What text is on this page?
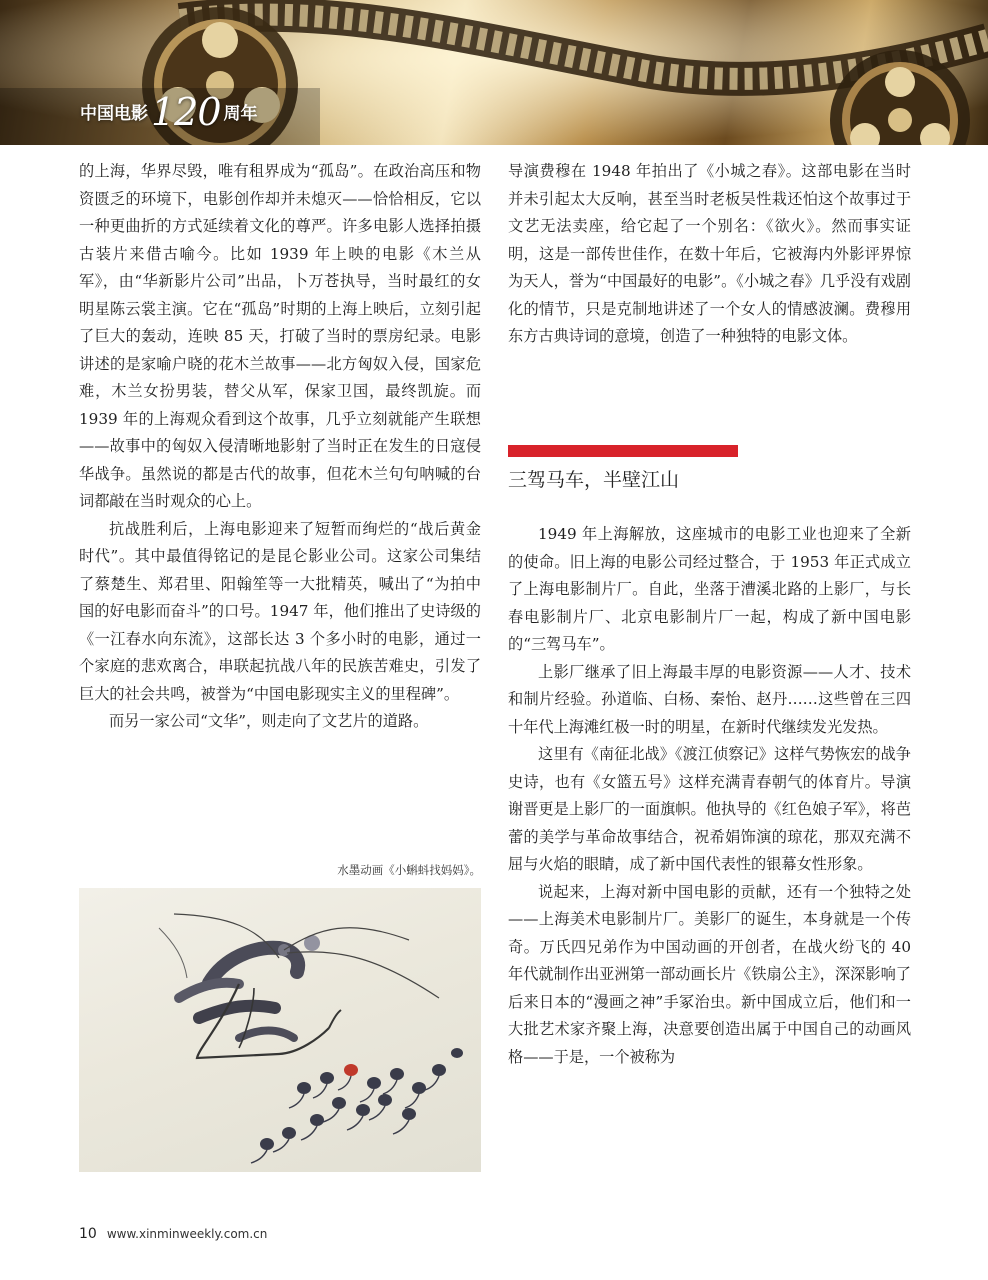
中国电影 120 周年

的上海，华界尽毁，唯有租界成为“孤岛”。在政治高压和物资匮乏的环境下，电影创作却并未熄灭——恰恰相反，它以一种更曲折的方式延续着文化的尊严。许多电影人选择拍摄古装片来借古喻今。比如 1939 年上映的电影《木兰从军》，由“华新影片公司”出品，卜万苍执导，当时最红的女明星陈云裳主演。它在“孤岛”时期的上海上映后，立刻引起了巨大的轰动，连映 85 天，打破了当时的票房纪录。电影讲述的是家喻户晓的花木兰故事——北方匈奴入侵，国家危难，木兰女扮男装，替父从军，保家卫国，最终凯旋。而 1939 年的上海观众看到这个故事，几乎立刻就能产生联想——故事中的匈奴入侵清晰地影射了当时正在发生的日寇侵华战争。虽然说的都是古代的故事，但花木兰句句呐喊的台词都敲在当时观众的心上。

抗战胜利后，上海电影迎来了短暂而绚烂的“战后黄金时代”。其中最值得铭记的是昆仑影业公司。这家公司集结了蔡楚生、郑君里、阳翰笙等一大批精英，喊出了“为拍中国的好电影而奋斗”的口号。1947 年，他们推出了史诗级的《一江春水向东流》，这部长达 3 个多小时的电影，通过一个家庭的悲欢离合，串联起抗战八年的民族苦难史，引发了巨大的社会共鸣，被誉为“中国电影现实主义的里程碑”。

而另一家公司“文华”，则走向了文艺片的道路。

水墨动画《小蝌蚪找妈妈》。

导演费穆在 1948 年拍出了《小城之春》。这部电影在当时并未引起太大反响，甚至当时老板吴性栽还怕这个故事过于文艺无法卖座，给它起了一个别名：《欲火》。然而事实证明，这是一部传世佳作，在数十年后，它被海内外影评界惊为天人，誉为“中国最好的电影”。《小城之春》几乎没有戏剧化的情节，只是克制地讲述了一个女人的情感波澜。费穆用东方古典诗词的意境，创造了一种独特的电影文体。

三驾马车，半壁江山

1949 年上海解放，这座城市的电影工业也迎来了全新的使命。旧上海的电影公司经过整合，于 1953 年正式成立了上海电影制片厂。自此，坐落于漕溪北路的上影厂，与长春电影制片厂、北京电影制片厂一起，构成了新中国电影的“三驾马车”。

上影厂继承了旧上海最丰厚的电影资源——人才、技术和制片经验。孙道临、白杨、秦怡、赵丹……这些曾在三四十年代上海滩红极一时的明星，在新时代继续发光发热。

这里有《南征北战》《渡江侦察记》这样气势恢宏的战争史诗，也有《女篮五号》这样充满青春朝气的体育片。导演谢晋更是上影厂的一面旗帜。他执导的《红色娘子军》，将芭蕾的美学与革命故事结合，祝希娟饰演的琼花，那双充满不屈与火焰的眼睛，成了新中国代表性的银幕女性形象。

说起来，上海对新中国电影的贡献，还有一个独特之处——上海美术电影制片厂。美影厂的诞生，本身就是一个传奇。万氏四兄弟作为中国动画的开创者，在战火纷飞的 40 年代就制作出亚洲第一部动画长片《铁扇公主》，深深影响了后来日本的“漫画之神”手冢治虫。新中国成立后，他们和一大批艺术家齐聚上海，决意要创造出属于中国自己的动画风格——于是，一个被称为

10 www.xinminweekly.com.cn
